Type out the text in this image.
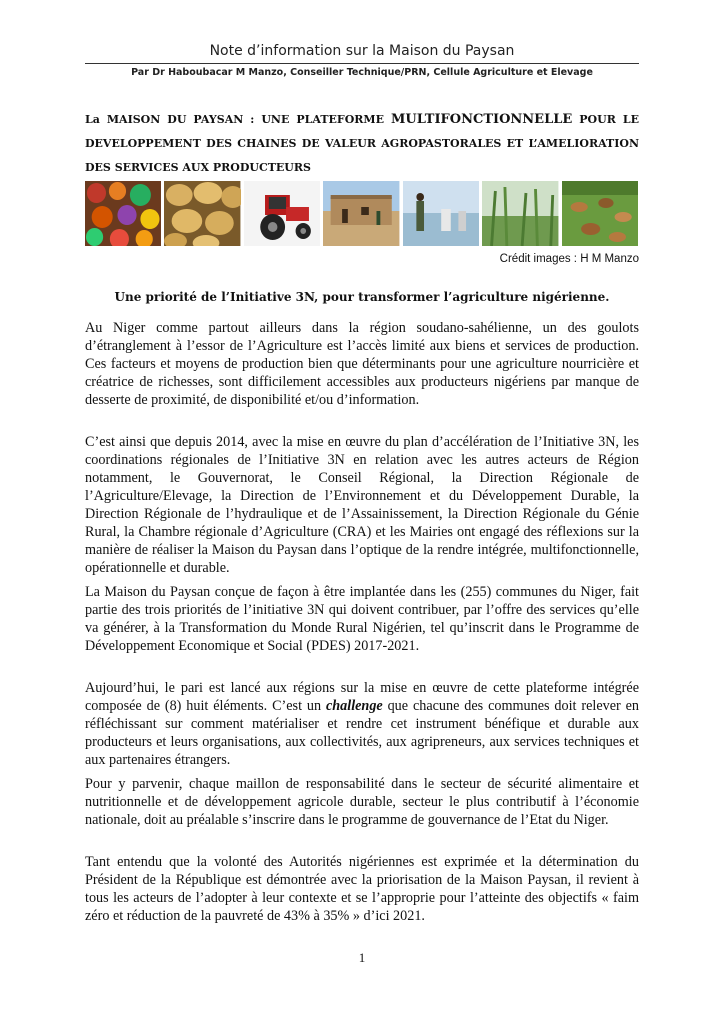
Note d’information sur la Maison du Paysan
Par Dr Haboubacar M Manzo, Conseiller Technique/PRN, Cellule Agriculture et Elevage
La MAISON DU PAYSAN : UNE PLATEFORME MULTIFONCTIONNELLE POUR LE DEVELOPPEMENT DES CHAINES DE VALEUR AGROPASTORALES ET L’AMELIORATION DES SERVICES AUX PRODUCTEURS
Crédit images : H M Manzo
Une priorité de l’Initiative 3N, pour transformer l’agriculture nigérienne.

Au Niger comme partout ailleurs dans la région soudano-sahélienne, un des goulots d’étranglement à l’essor de l’Agriculture est l’accès limité aux biens et services de production. Ces facteurs et moyens de production bien que déterminants pour une agriculture nourricière et créatrice de richesses, sont difficilement accessibles aux producteurs nigériens par manque de desserte de proximité, de disponibilité et/ou d’information.

C’est ainsi que depuis 2014, avec la mise en œuvre du plan d’accélération de l’Initiative 3N, les coordinations régionales de l’Initiative 3N en relation avec les autres acteurs de Région notamment, le Gouvernorat, le Conseil Régional, la Direction Régionale de l’Agriculture/Elevage, la Direction de l’Environnement et du Développement Durable, la Direction Régionale de l’hydraulique et de l’Assainissement, la Direction Régionale du Génie Rural, la Chambre régionale d’Agriculture (CRA) et les Mairies ont engagé des réflexions sur la manière de réaliser la Maison du Paysan dans l’optique de la rendre intégrée, multifonctionnelle, opérationnelle et durable.

La Maison du Paysan conçue de façon à être implantée dans les (255) communes du Niger, fait partie des trois priorités de l’initiative 3N qui doivent contribuer, par l’offre des services qu’elle va générer, à la Transformation du Monde Rural Nigérien, tel qu’inscrit dans le Programme de Développement Economique et Social (PDES) 2017-2021.

Aujourd’hui, le pari est lancé aux régions sur la mise en œuvre de cette plateforme intégrée composée de (8) huit éléments. C’est un challenge que chacune des communes doit relever en réfléchissant sur comment matérialiser et rendre cet instrument bénéfique et durable aux producteurs et leurs organisations, aux collectivités, aux agripreneurs, aux services techniques et aux partenaires étrangers.

Pour y parvenir, chaque maillon de responsabilité dans le secteur de sécurité alimentaire et nutritionnelle et de développement agricole durable, secteur le plus contributif à l’économie nationale, doit au préalable s’inscrire dans le programme de gouvernance de l’Etat du Niger.

Tant entendu que la volonté des Autorités nigériennes est exprimée et la détermination du Président de la République est démontrée avec la priorisation de la Maison Paysan, il revient à tous les acteurs de l’adopter à leur contexte et se l’approprie pour l’atteinte des objectifs « faim zéro et réduction de la pauvreté de 43% à 35% » d’ici 2021.

1
